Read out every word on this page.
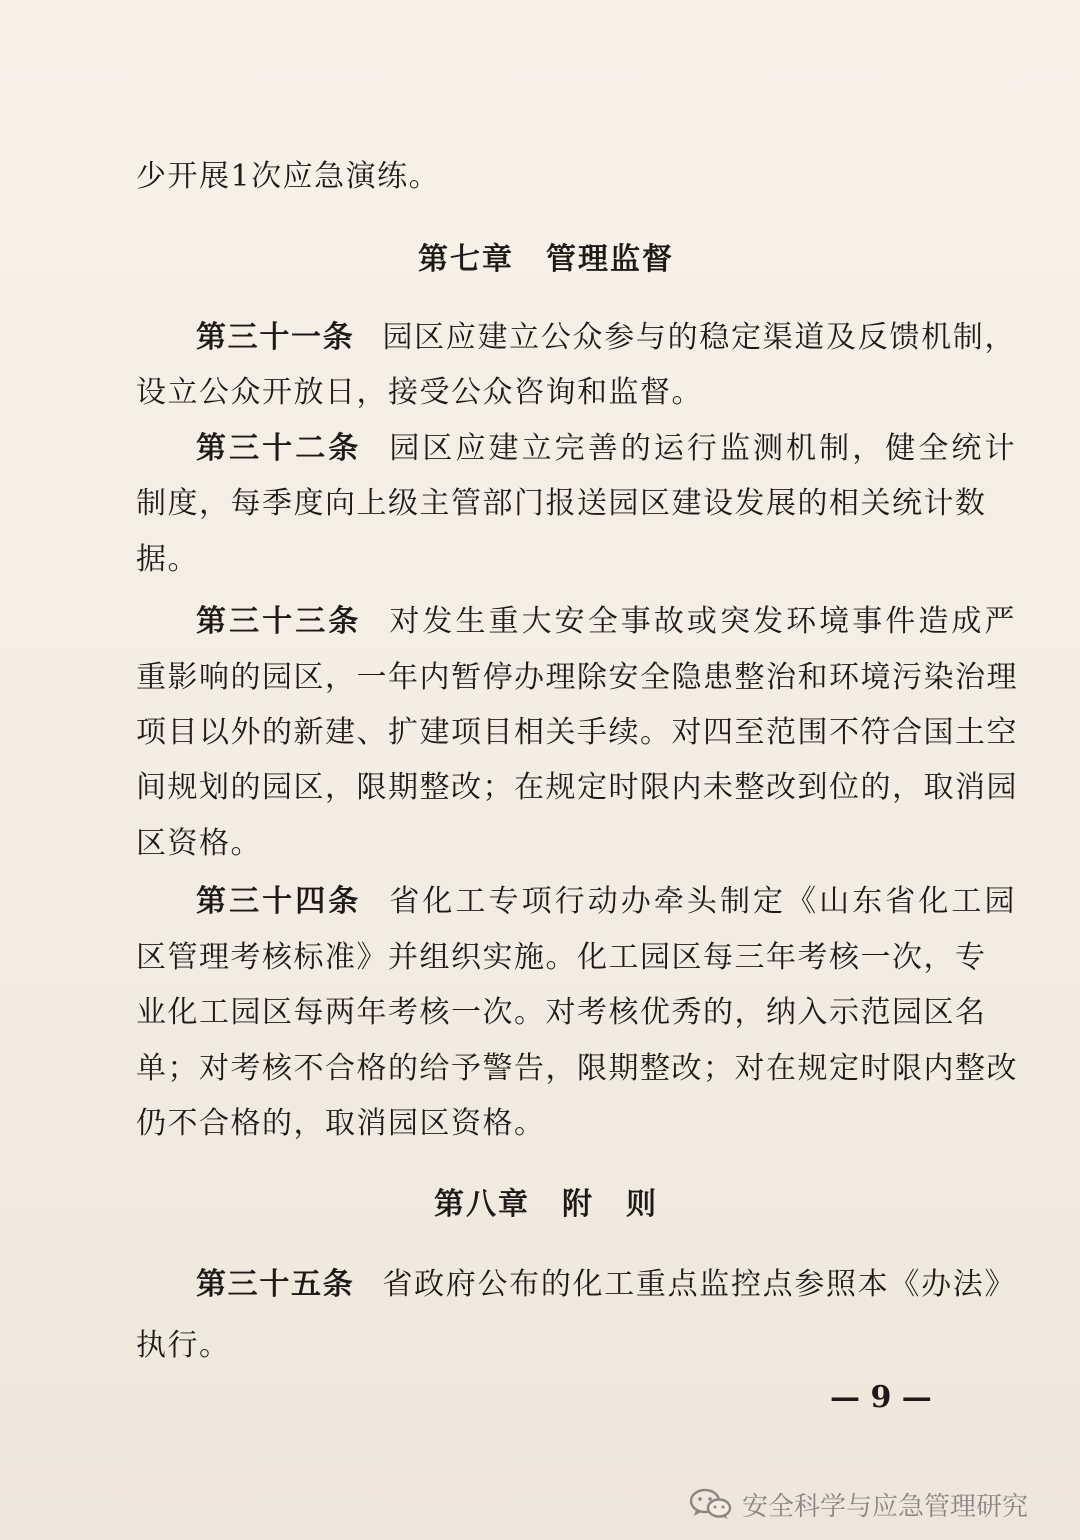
少开展1次应急演练。
第七章　管理监督
第三十一条 园区应建立公众参与的稳定渠道及反馈机制，
设立公众开放日，接受公众咨询和监督。
第三十二条 园区应建立完善的运行监测机制，健全统计
制度，每季度向上级主管部门报送园区建设发展的相关统计数
据。
第三十三条 对发生重大安全事故或突发环境事件造成严
重影响的园区，一年内暂停办理除安全隐患整治和环境污染治理
项目以外的新建、扩建项目相关手续。对四至范围不符合国土空
间规划的园区，限期整改；在规定时限内未整改到位的，取消园
区资格。
第三十四条 省化工专项行动办牵头制定《山东省化工园
区管理考核标准》并组织实施。化工园区每三年考核一次，专
业化工园区每两年考核一次。对考核优秀的，纳入示范园区名
单；对考核不合格的给予警告，限期整改；对在规定时限内整改
仍不合格的，取消园区资格。
第八章　附　则
第三十五条 省政府公布的化工重点监控点参照本《办法》
执行。
— 9 —
安全科学与应急管理研究
